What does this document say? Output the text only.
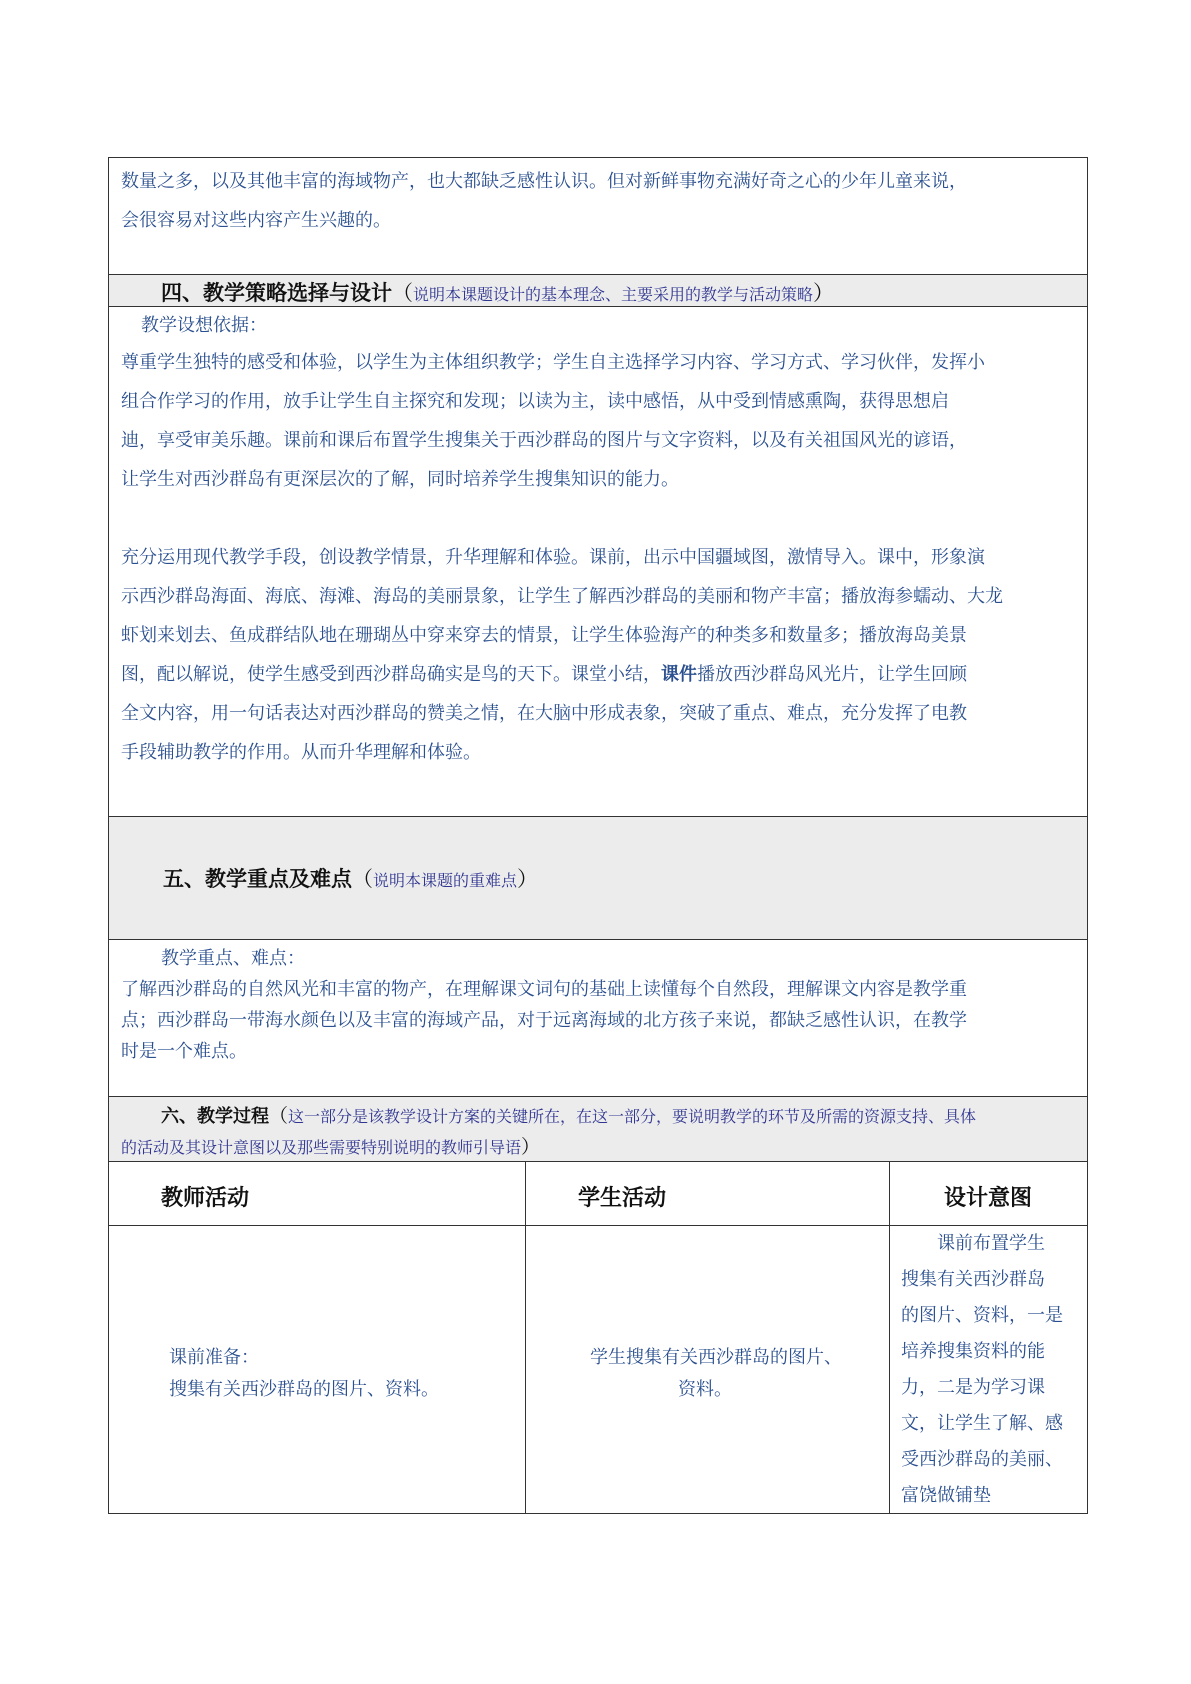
数量之多，以及其他丰富的海域物产，也大都缺乏感性认识。但对新鲜事物充满好奇之心的少年儿童来说，

会很容易对这些内容产生兴趣的。

四、教学策略选择与设计（说明本课题设计的基本理念、主要采用的教学与活动策略）

教学设想依据：

尊重学生独特的感受和体验，以学生为主体组织教学；学生自主选择学习内容、学习方式、学习伙伴，发挥小

组合作学习的作用，放手让学生自主探究和发现；以读为主，读中感悟，从中受到情感熏陶，获得思想启

迪，享受审美乐趣。课前和课后布置学生搜集关于西沙群岛的图片与文字资料，以及有关祖国风光的谚语，

让学生对西沙群岛有更深层次的了解，同时培养学生搜集知识的能力。

充分运用现代教学手段，创设教学情景，升华理解和体验。课前，出示中国疆域图，激情导入。课中，形象演

示西沙群岛海面、海底、海滩、海岛的美丽景象，让学生了解西沙群岛的美丽和物产丰富；播放海参蠕动、大龙

虾划来划去、鱼成群结队地在珊瑚丛中穿来穿去的情景，让学生体验海产的种类多和数量多；播放海岛美景

图，配以解说，使学生感受到西沙群岛确实是鸟的天下。课堂小结，课件播放西沙群岛风光片，让学生回顾

全文内容，用一句话表达对西沙群岛的赞美之情，在大脑中形成表象，突破了重点、难点，充分发挥了电教

手段辅助教学的作用。从而升华理解和体验。

五、教学重点及难点（说明本课题的重难点）

教学重点、难点：

了解西沙群岛的自然风光和丰富的物产，在理解课文词句的基础上读懂每个自然段，理解课文内容是教学重

点；西沙群岛一带海水颜色以及丰富的海域产品，对于远离海域的北方孩子来说，都缺乏感性认识，在教学

时是一个难点。

六、教学过程（这一部分是该教学设计方案的关键所在，在这一部分，要说明教学的环节及所需的资源支持、具体
的活动及其设计意图以及那些需要特别说明的教师引导语）
教师活动	学生活动	设计意图

课前准备：

搜集有关西沙群岛的图片、资料。

学生搜集有关西沙群岛的图片、

资料。

课前布置学生

搜集有关西沙群岛

的图片、资料，一是

培养搜集资料的能

力，二是为学习课

文，让学生了解、感

受西沙群岛的美丽、

富饶做铺垫
